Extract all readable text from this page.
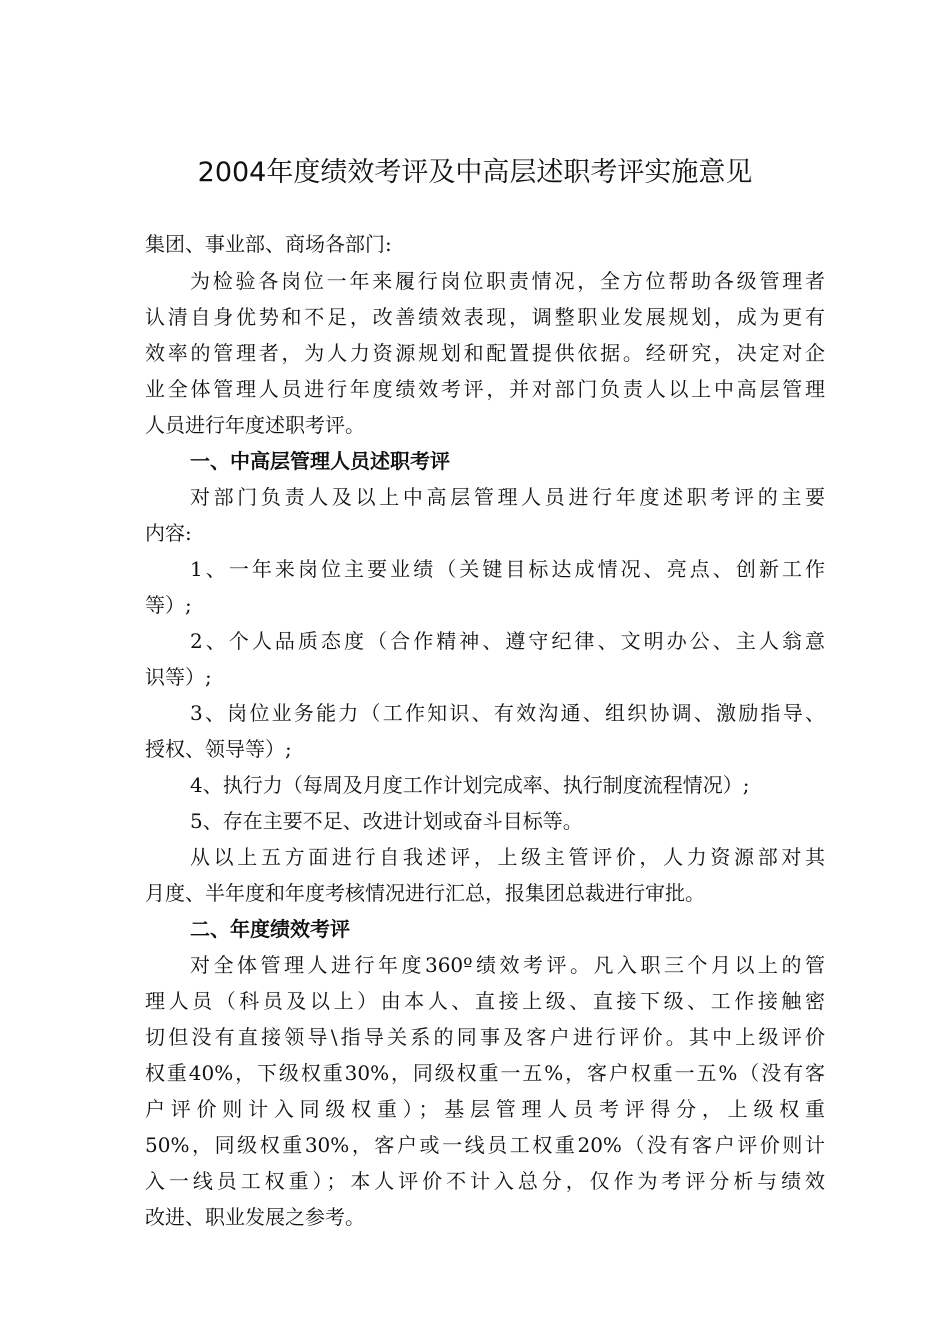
2004年度绩效考评及中高层述职考评实施意见
集团、事业部、商场各部门:
为检验各岗位一年来履行岗位职责情况，全方位帮助各级管理者
认清自身优势和不足，改善绩效表现，调整职业发展规划，成为更有
效率的管理者，为人力资源规划和配置提供依据。经研究，决定对企
业全体管理人员进行年度绩效考评，并对部门负责人以上中高层管理
人员进行年度述职考评。
一、中高层管理人员述职考评
对部门负责人及以上中高层管理人员进行年度述职考评的主要
内容:
1、一年来岗位主要业绩（关键目标达成情况、亮点、创新工作
等）;
2、个人品质态度（合作精神、遵守纪律、文明办公、主人翁意
识等）;
3、岗位业务能力（工作知识、有效沟通、组织协调、激励指导、
授权、领导等）;
4、执行力（每周及月度工作计划完成率、执行制度流程情况）;
5、存在主要不足、改进计划或奋斗目标等。
从以上五方面进行自我述评，上级主管评价，人力资源部对其
月度、半年度和年度考核情况进行汇总，报集团总裁进行审批。
二、年度绩效考评
对全体管理人进行年度360º绩效考评。凡入职三个月以上的管
理人员（科员及以上）由本人、直接上级、直接下级、工作接触密
切但没有直接领导\指导关系的同事及客户进行评价。其中上级评价
权重40%，下级权重30%，同级权重一五%，客户权重一五%（没有客
户评价则计入同级权重）；基层管理人员考评得分，上级权重
50%，同级权重30%，客户或一线员工权重20%（没有客户评价则计
入一线员工权重）；本人评价不计入总分，仅作为考评分析与绩效
改进、职业发展之参考。
